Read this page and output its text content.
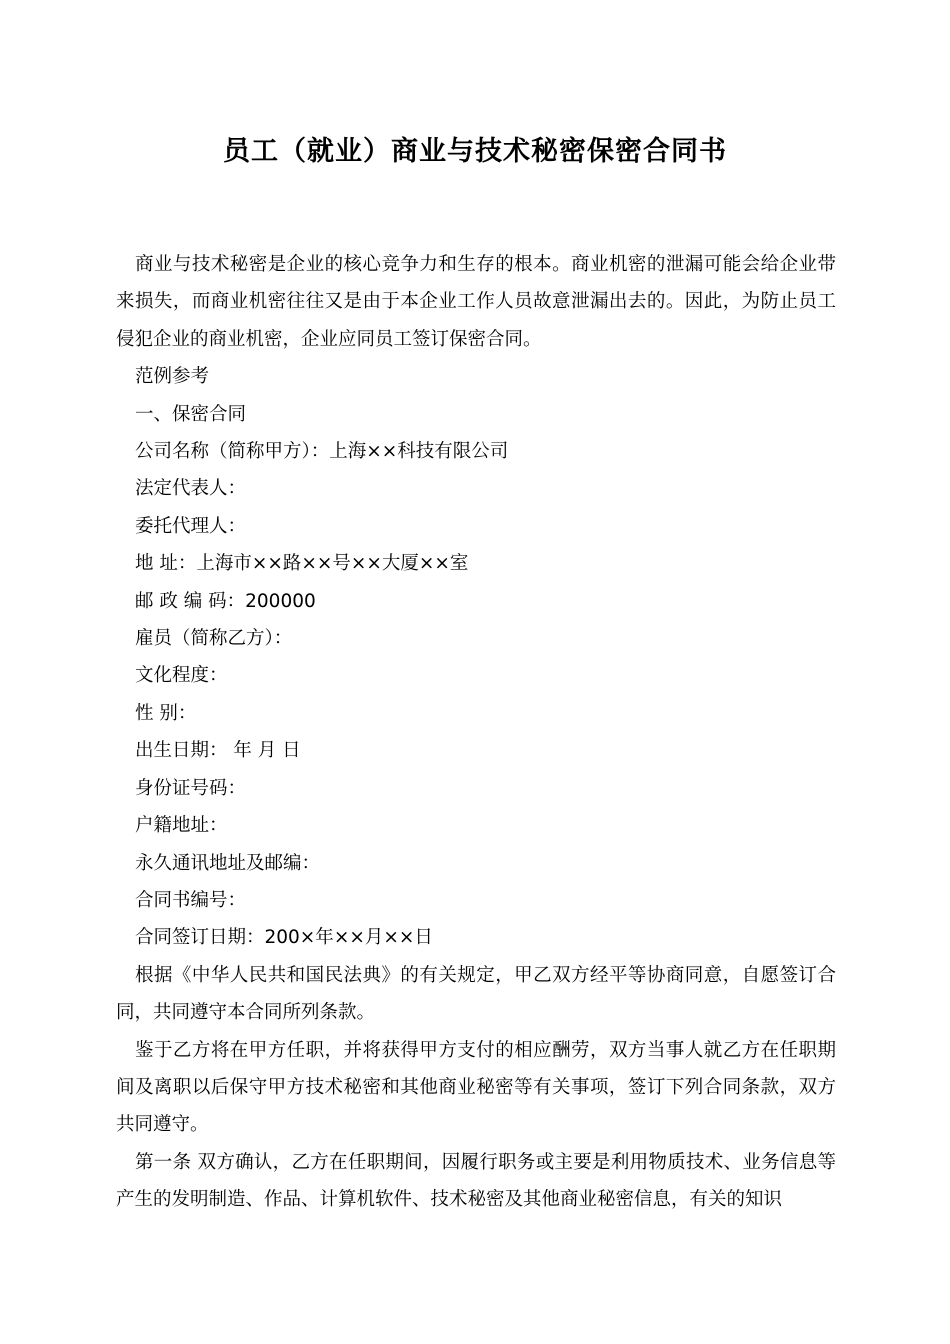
员工（就业）商业与技术秘密保密合同书

商业与技术秘密是企业的核心竞争力和生存的根本。商业机密的泄漏可能会给企业带来损失，而商业机密往往又是由于本企业工作人员故意泄漏出去的。因此，为防止员工侵犯企业的商业机密，企业应同员工签订保密合同。

范例参考

一、保密合同

公司名称（简称甲方）：上海××科技有限公司

法定代表人：

委托代理人：

地 址：上海市××路××号××大厦××室

邮 政 编 码：200000

雇员（简称乙方）：

文化程度：

性 别：

出生日期： 年 月 日

身份证号码：

户籍地址：

永久通讯地址及邮编：

合同书编号：

合同签订日期：200×年××月××日

根据《中华人民共和国民法典》的有关规定，甲乙双方经平等协商同意，自愿签订合同，共同遵守本合同所列条款。

鉴于乙方将在甲方任职，并将获得甲方支付的相应酬劳，双方当事人就乙方在任职期间及离职以后保守甲方技术秘密和其他商业秘密等有关事项，签订下列合同条款，双方共同遵守。

第一条 双方确认，乙方在任职期间，因履行职务或主要是利用物质技术、业务信息等产生的发明制造、作品、计算机软件、技术秘密及其他商业秘密信息，有关的知识
